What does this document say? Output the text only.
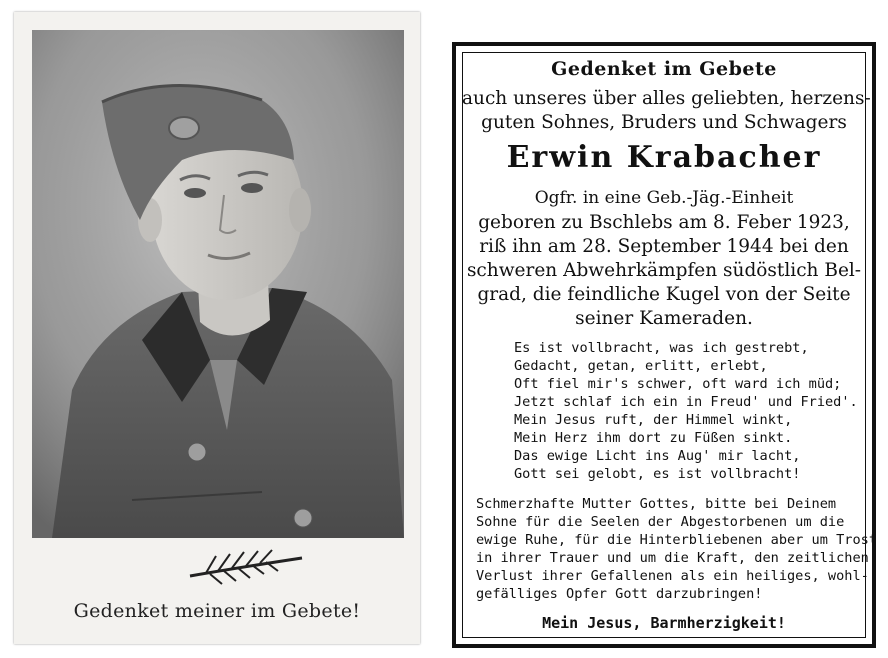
Gedenket meiner im Gebete!
Gedenket im Gebete
auch unseres über alles geliebten, herzens-
guten Sohnes, Bruders und Schwagers
Erwin Krabacher
Ogfr. in eine Geb.-Jäg.-Einheit
geboren zu Bschlebs am 8. Feber 1923,
riß ihn am 28. September 1944 bei den
schweren Abwehrkämpfen südöstlich Bel-
grad, die feindliche Kugel von der Seite
seiner Kameraden.
Es ist vollbracht, was ich gestrebt,
Gedacht, getan, erlitt, erlebt,
Oft fiel mir's schwer, oft ward ich müd;
Jetzt schlaf ich ein in Freud' und Fried'.
Mein Jesus ruft, der Himmel winkt,
Mein Herz ihm dort zu Füßen sinkt.
Das ewige Licht ins Aug' mir lacht,
Gott sei gelobt, es ist vollbracht!
Schmerzhafte Mutter Gottes, bitte bei Deinem
Sohne für die Seelen der Abgestorbenen um die
ewige Ruhe, für die Hinterbliebenen aber um Trost
in ihrer Trauer und um die Kraft, den zeitlichen
Verlust ihrer Gefallenen als ein heiliges, wohl-
gefälliges Opfer Gott darzubringen!
Mein Jesus, Barmherzigkeit!
